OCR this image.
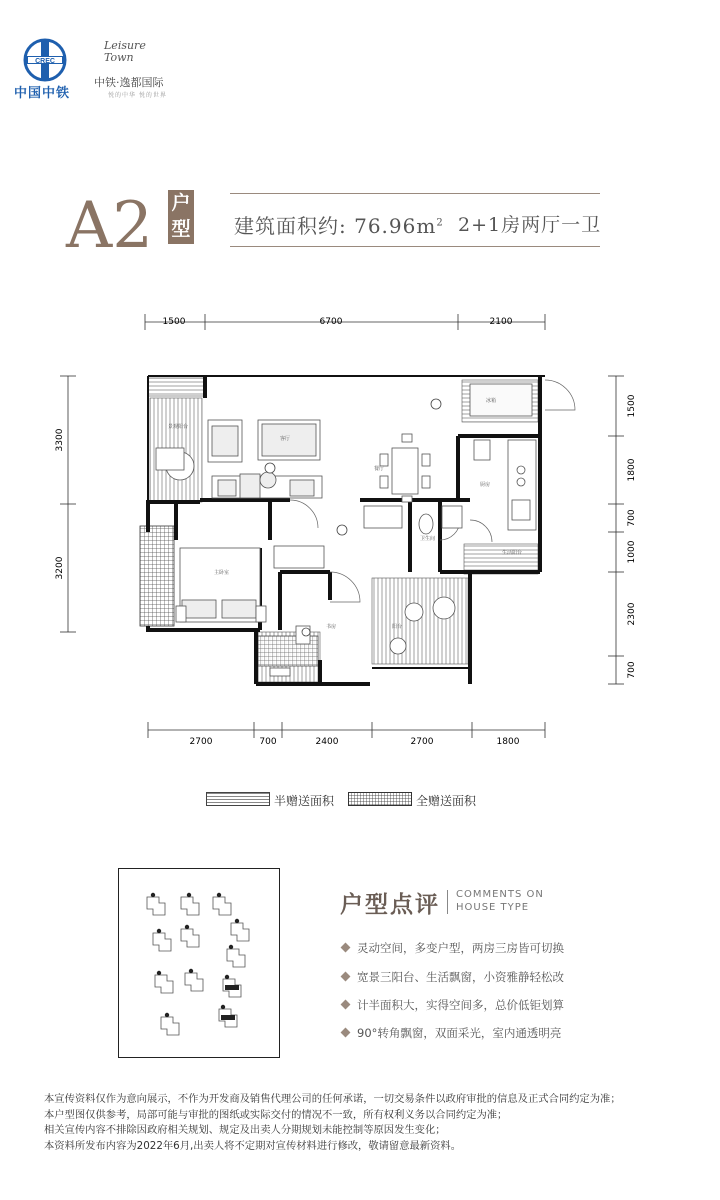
CREC
中国中铁
Leisure Town
中铁·逸都国际
悦的中华 悦的世界
A2 户
型 建筑面积约: $76.96m^2$ 2+1房两厅一卫
1500	6700	2100
3300
3200
1500
1800
700
1000
2300
700
2700	700	2400	2700	1800
客厅
餐厅
厨房
主卧室
书房	阳台
卫生间
景观阳台
生活阳台
冰箱
半赠送面积	全赠送面积
户型点评 COMMENTS ON
HOUSE TYPE
灵动空间，多变户型，两房三房皆可切换
宽景三阳台、生活飘窗，小资雅静轻松改
计半面积大，实得空间多，总价低钜划算
90°转角飘窗，双面采光，室内通透明亮
本宣传资料仅作为意向展示，不作为开发商及销售代理公司的任何承诺，一切交易条件以政府审批的信息及正式合同约定为准；
本户型图仅供参考，局部可能与审批的图纸或实际交付的情况不一致，所有权利义务以合同约定为准；
相关宣传内容不排除因政府相关规划、规定及出卖人分期规划未能控制等原因发生变化；
本资料所发布内容为2022年6月,出卖人将不定期对宣传材料进行修改，敬请留意最新资料。
